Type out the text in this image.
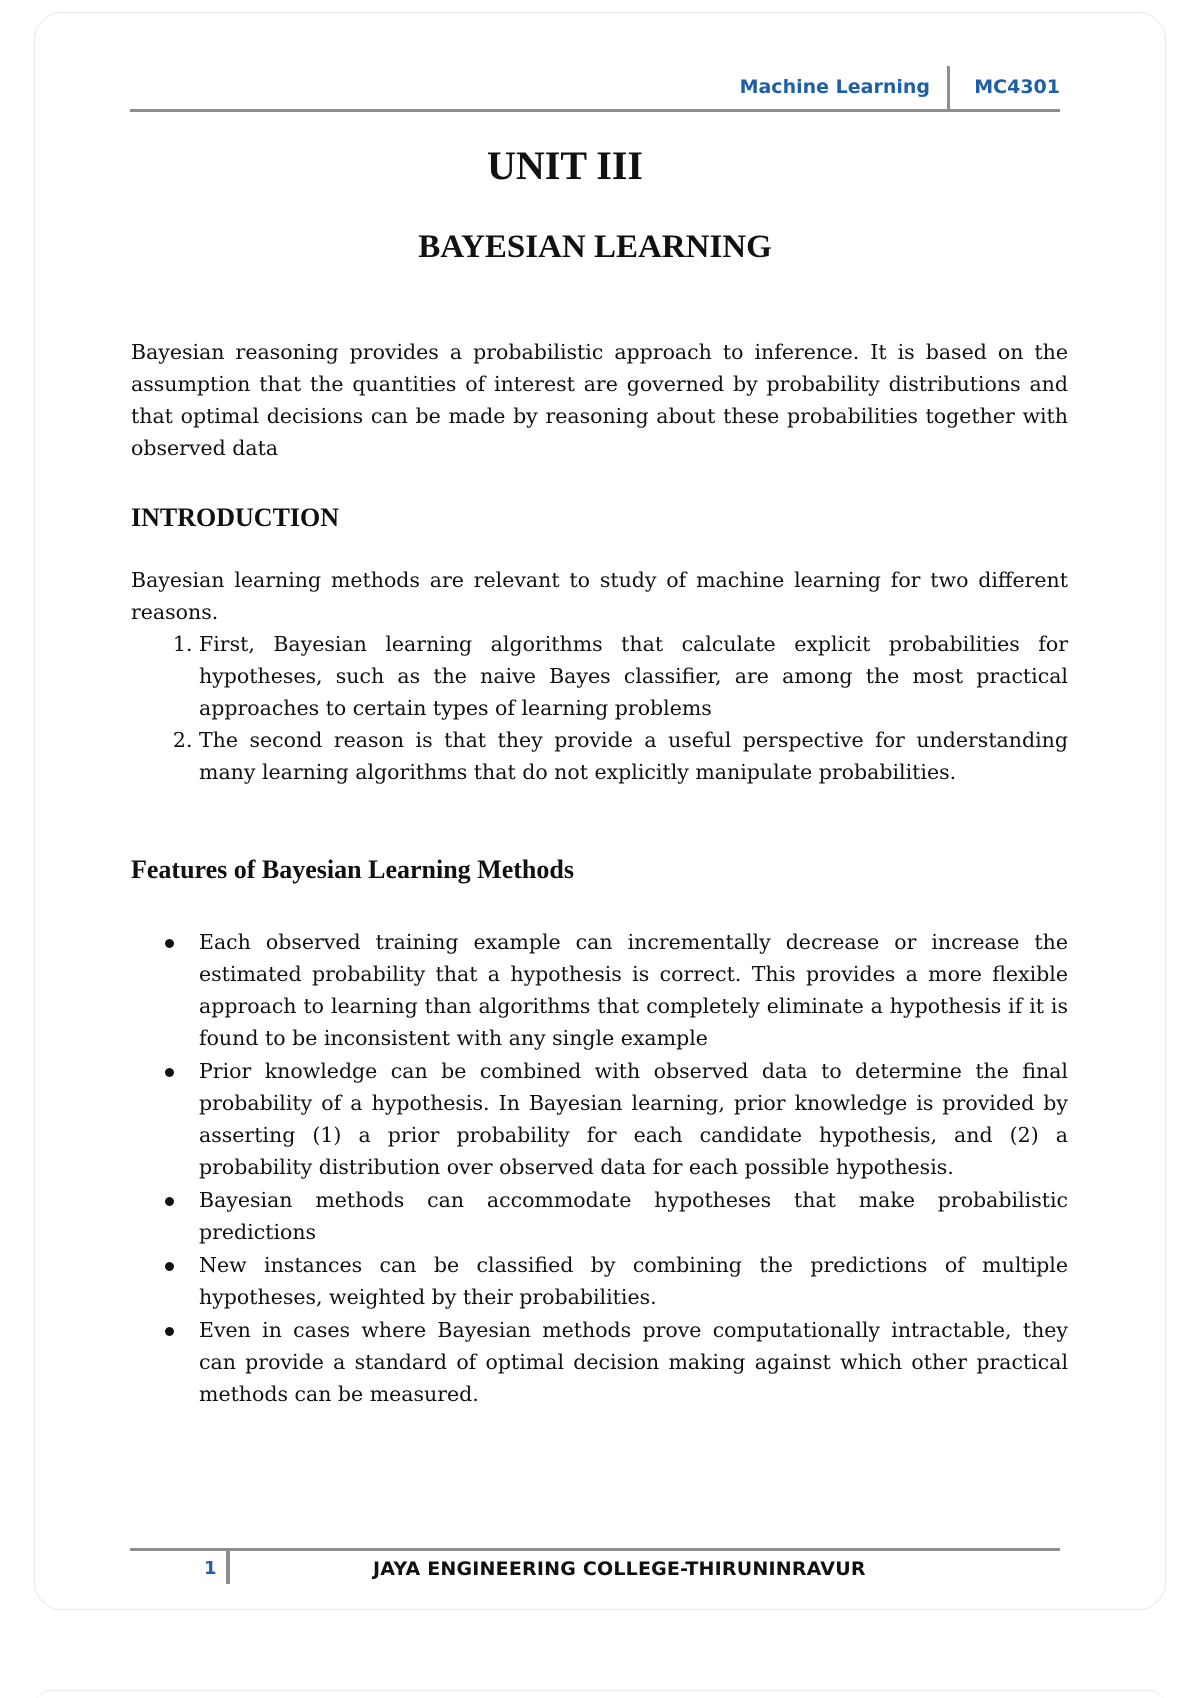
Machine Learning MC4301
UNIT III
BAYESIAN LEARNING

Bayesian reasoning provides a probabilistic approach to inference. It is based on the assumption that the quantities of interest are governed by probability distributions and that optimal decisions can be made by reasoning about these probabilities together with observed data

INTRODUCTION

Bayesian learning methods are relevant to study of machine learning for two different reasons.

1. First, Bayesian learning algorithms that calculate explicit probabilities for hypotheses, such as the naive Bayes classifier, are among the most practical approaches to certain types of learning problems
2. The second reason is that they provide a useful perspective for understanding many learning algorithms that do not explicitly manipulate probabilities.
Features of Bayesian Learning Methods
Each observed training example can incrementally decrease or increase the estimated probability that a hypothesis is correct. This provides a more flexible approach to learning than algorithms that completely eliminate a hypothesis if it is found to be inconsistent with any single example
Prior knowledge can be combined with observed data to determine the final probability of a hypothesis. In Bayesian learning, prior knowledge is provided by asserting (1) a prior probability for each candidate hypothesis, and (2) a probability distribution over observed data for each possible hypothesis.
Bayesian methods can accommodate hypotheses that make probabilistic predictions
New instances can be classified by combining the predictions of multiple hypotheses, weighted by their probabilities.
Even in cases where Bayesian methods prove computationally intractable, they can provide a standard of optimal decision making against which other practical methods can be measured.
1	JAYA ENGINEERING COLLEGE-THIRUNINRAVUR
